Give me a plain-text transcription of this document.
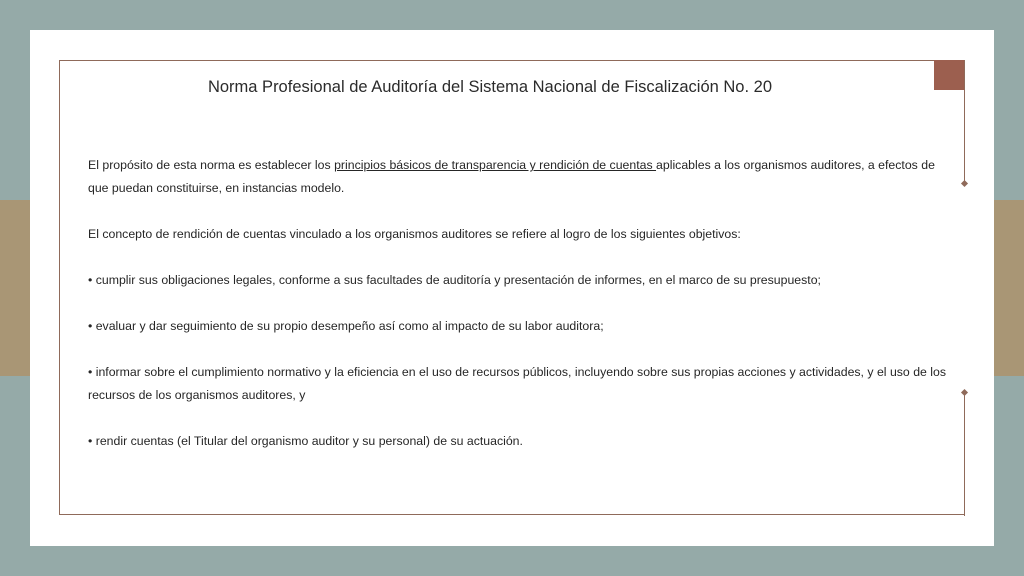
Norma Profesional de Auditoría del Sistema Nacional de Fiscalización No. 20

El propósito de esta norma es establecer los principios básicos de transparencia y rendición de cuentas aplicables a los organismos auditores, a efectos de que puedan constituirse, en instancias modelo.

El concepto de rendición de cuentas vinculado a los organismos auditores se refiere al logro de los siguientes objetivos:

• cumplir sus obligaciones legales, conforme a sus facultades de auditoría y presentación de informes, en el marco de su presupuesto;

• evaluar y dar seguimiento de su propio desempeño así como al impacto de su labor auditora;

• informar sobre el cumplimiento normativo y la eficiencia en el uso de recursos públicos, incluyendo sobre sus propias acciones y actividades, y el uso de los recursos de los organismos auditores, y

• rendir cuentas (el Titular del organismo auditor y su personal) de su actuación.
